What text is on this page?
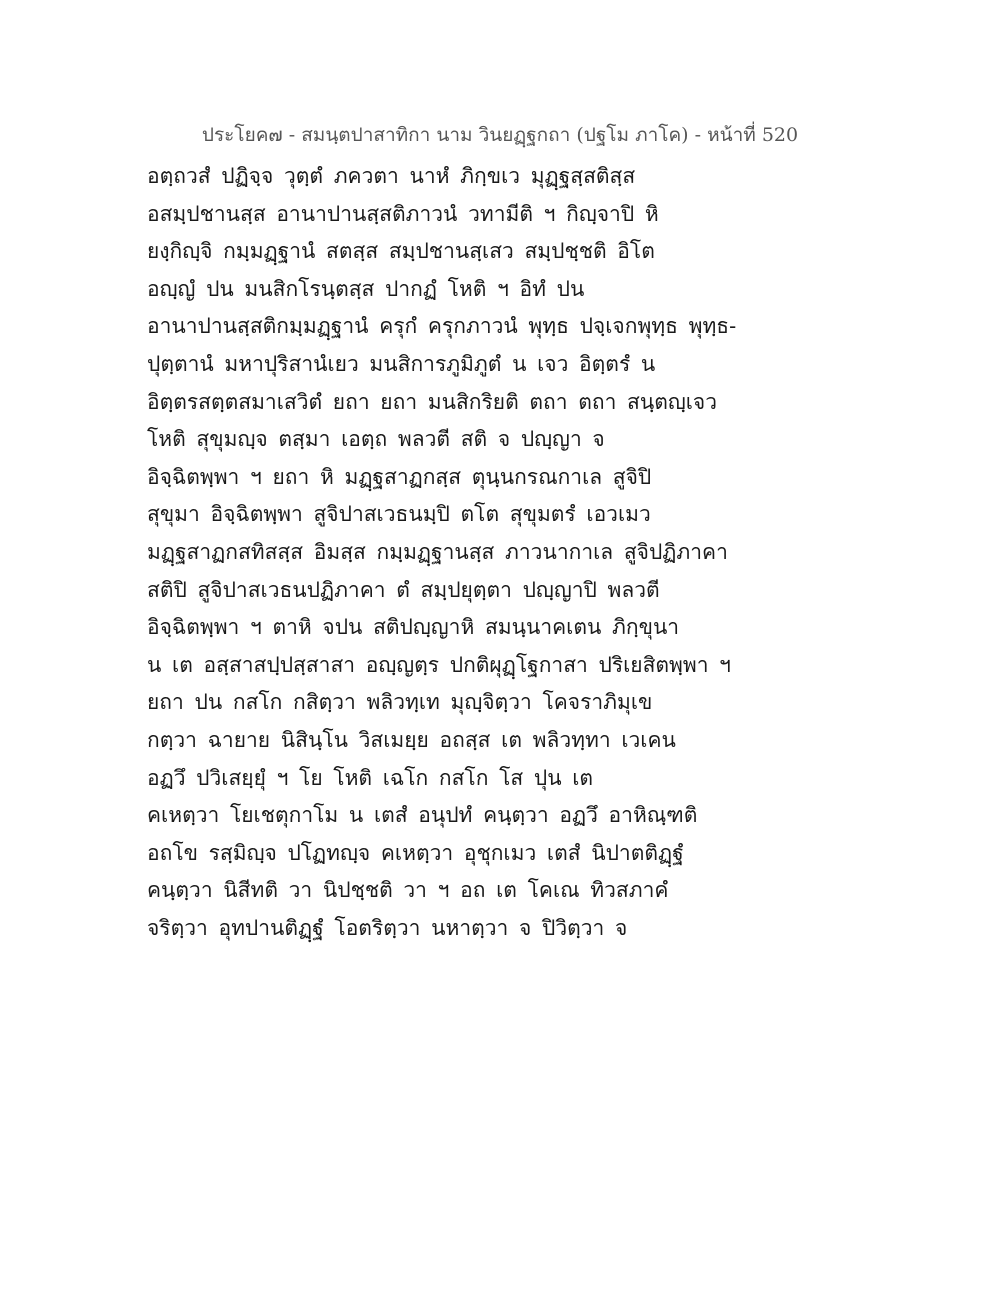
ประโยค๗ - สมนฺตปาสาทิกา นาม วินยฏฺฐกถา (ปฐโม ภาโค) - หน้าที่ 520
อตฺถวสํ ปฏิจฺจ วุตฺตํ ภควตา นาหํ ภิกฺขเว มุฏฺฐสฺสติสฺส
อสมฺปชานสฺส อานาปานสฺสติภาวนํ วทามีติ ฯ กิญฺจาปิ หิ
ยงฺกิญฺจิ กมฺมฏฺฐานํ สตสฺส สมฺปชานสฺเสว สมฺปชฺชติ อิโต
อญฺญํ ปน มนสิกโรนฺตสฺส ปากฏํ โหติ ฯ อิทํ ปน
อานาปานสฺสติกมฺมฏฺฐานํ ครุกํ ครุกภาวนํ พุทฺธ ปจฺเจกพุทฺธ พุทฺธ-
ปุตฺตานํ มหาปุริสานํเยว มนสิการภูมิภูตํ น เจว อิตฺตรํ น
อิตฺตรสตฺตสมาเสวิตํ ยถา ยถา มนสิกริยติ ตถา ตถา สนฺตญฺเจว
โหติ สุขุมญฺจ ตสฺมา เอตฺถ พลวตี สติ จ ปญฺญา จ
อิจฺฉิตพฺพา ฯ ยถา หิ มฏฺฐสาฏกสฺส ตุนฺนกรณกาเล สูจิปิ
สุขุมา อิจฺฉิตพฺพา สูจิปาสเวธนมฺปิ ตโต สุขุมตรํ เอวเมว
มฏฺฐสาฏกสทิสสฺส อิมสฺส กมฺมฏฺฐานสฺส ภาวนากาเล สูจิปฏิภาคา
สติปิ สูจิปาสเวธนปฏิภาคา ตํ สมฺปยุตฺตา ปญฺญาปิ พลวตี
อิจฺฉิตพฺพา ฯ ตาหิ จปน สติปญฺญาหิ สมนฺนาคเตน ภิกฺขุนา
น เต อสฺสาสปฺปสฺสาสา อญฺญตฺร ปกติผุฏฺโฐกาสา ปริเยสิตพฺพา ฯ
ยถา ปน กสโก กสิตฺวา พลิวทฺเท มุญฺจิตฺวา โคจราภิมุเข
กตฺวา ฉายาย นิสินฺโน วิสเมยฺย อถสฺส เต พลิวทฺทา เวเคน
อฏวึ ปวิเสยฺยุํ ฯ โย โหติ เฉโก กสโก โส ปุน เต
คเหตฺวา โยเชตุกาโม น เตสํ อนุปทํ คนฺตฺวา อฏวึ อาหิณฺฑติ
อถโข รสฺมิญฺจ ปโฏทญฺจ คเหตฺวา อุชุกเมว เตสํ นิปาตติฏฺฐํ
คนฺตฺวา นิสีทติ วา นิปชฺชติ วา ฯ อถ เต โคเณ ทิวสภาคํ
จริตฺวา อุทปานติฏฺฐํ โอตริตฺวา นหาตฺวา จ ปิวิตฺวา จ
